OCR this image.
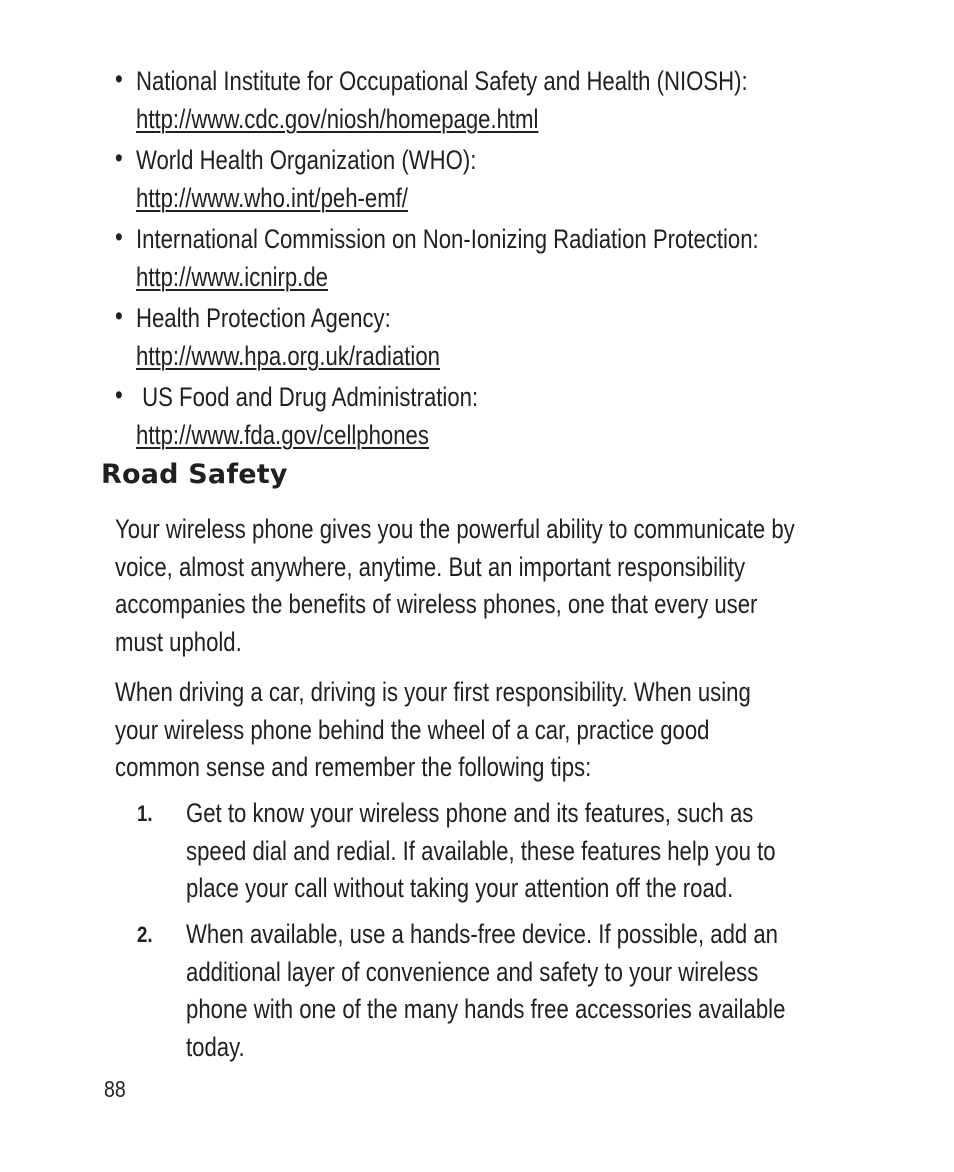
• National Institute for Occupational Safety and Health (NIOSH):
http://www.cdc.gov/niosh/homepage.html
• World Health Organization (WHO):
http://www.who.int/peh-emf/
• International Commission on Non-Ionizing Radiation Protection:
http://www.icnirp.de
• Health Protection Agency:
http://www.hpa.org.uk/radiation
• US Food and Drug Administration:
http://www.fda.gov/cellphones
Road Safety
Your wireless phone gives you the powerful ability to communicate by
voice, almost anywhere, anytime. But an important responsibility
accompanies the benefits of wireless phones, one that every user
must uphold.
When driving a car, driving is your first responsibility. When using
your wireless phone behind the wheel of a car, practice good
common sense and remember the following tips:
1. Get to know your wireless phone and its features, such as
speed dial and redial. If available, these features help you to
place your call without taking your attention off the road.
2. When available, use a hands-free device. If possible, add an
additional layer of convenience and safety to your wireless
phone with one of the many hands free accessories available
today.
88
